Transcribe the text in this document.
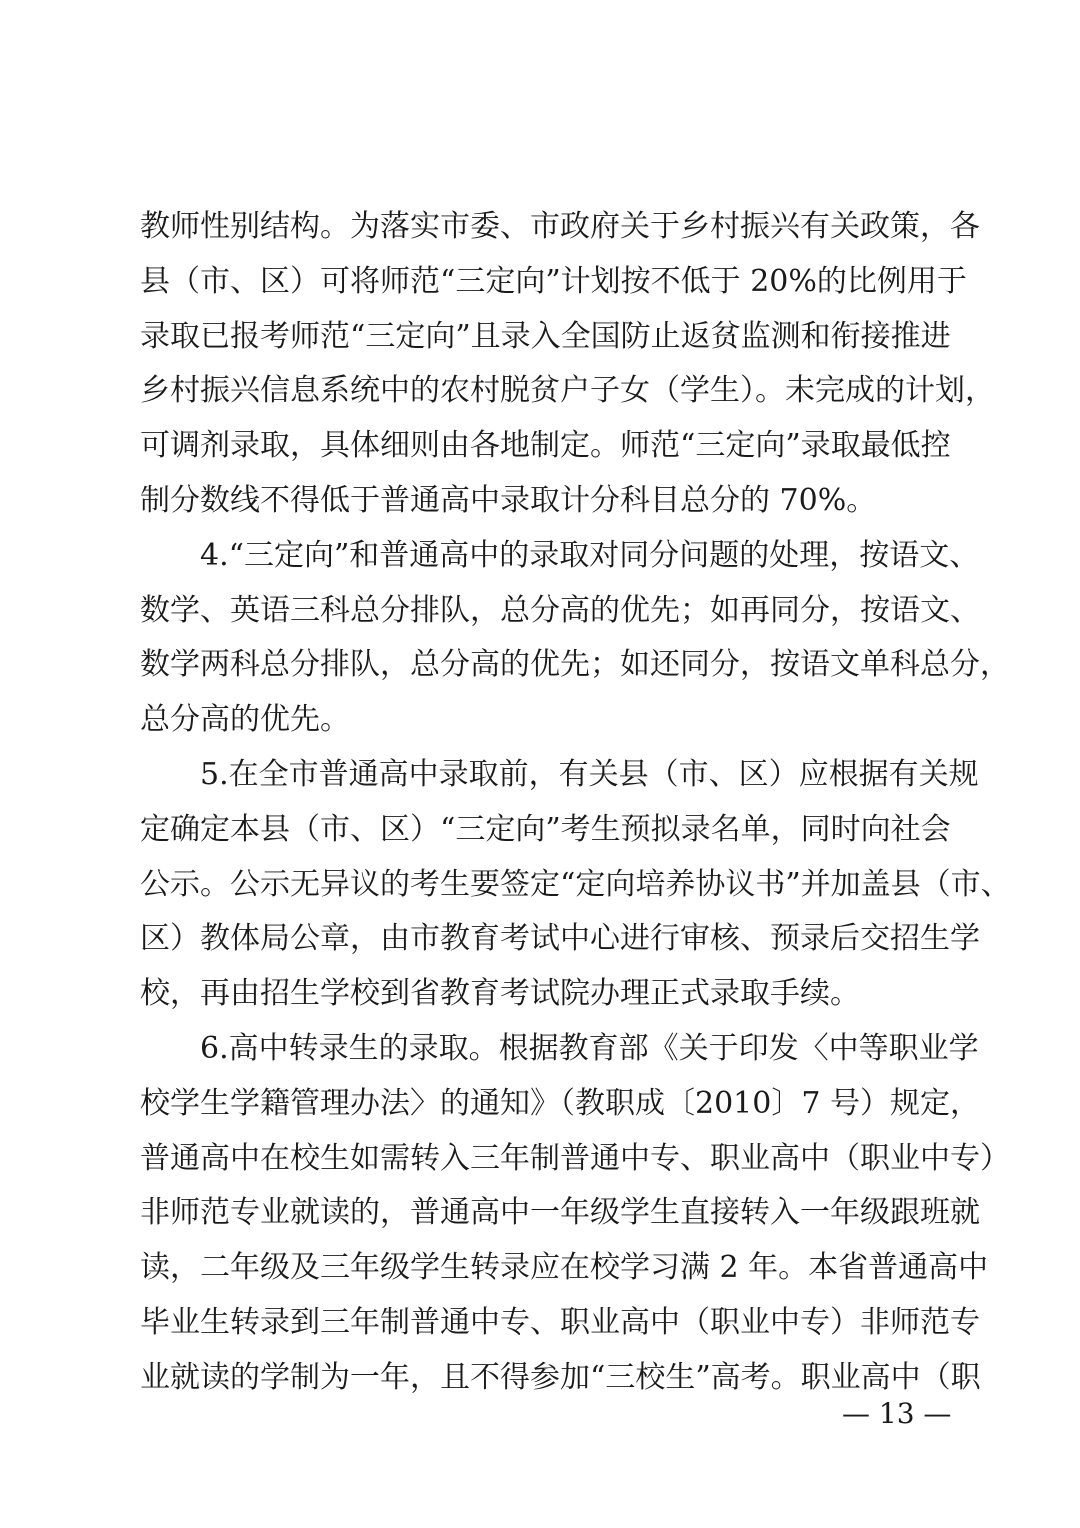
教师性别结构。为落实市委、市政府关于乡村振兴有关政策，各
县（市、区）可将师范“三定向”计划按不低于 20%的比例用于
录取已报考师范“三定向”且录入全国防止返贫监测和衔接推进
乡村振兴信息系统中的农村脱贫户子女（学生）。未完成的计划，
可调剂录取，具体细则由各地制定。师范“三定向”录取最低控
制分数线不得低于普通高中录取计分科目总分的 70%。
4.“三定向”和普通高中的录取对同分问题的处理，按语文、
数学、英语三科总分排队，总分高的优先；如再同分，按语文、
数学两科总分排队，总分高的优先；如还同分，按语文单科总分，
总分高的优先。
5.在全市普通高中录取前，有关县（市、区）应根据有关规
定确定本县（市、区）“三定向”考生预拟录名单，同时向社会
公示。公示无异议的考生要签定“定向培养协议书”并加盖县（市、
区）教体局公章，由市教育考试中心进行审核、预录后交招生学
校，再由招生学校到省教育考试院办理正式录取手续。
6.高中转录生的录取。根据教育部《关于印发〈中等职业学
校学生学籍管理办法〉的通知》（教职成〔2010〕7 号）规定，
普通高中在校生如需转入三年制普通中专、职业高中（职业中专）
非师范专业就读的，普通高中一年级学生直接转入一年级跟班就
读，二年级及三年级学生转录应在校学习满 2 年。本省普通高中
毕业生转录到三年制普通中专、职业高中（职业中专）非师范专
业就读的学制为一年，且不得参加“三校生”高考。职业高中（职
— 13 —
